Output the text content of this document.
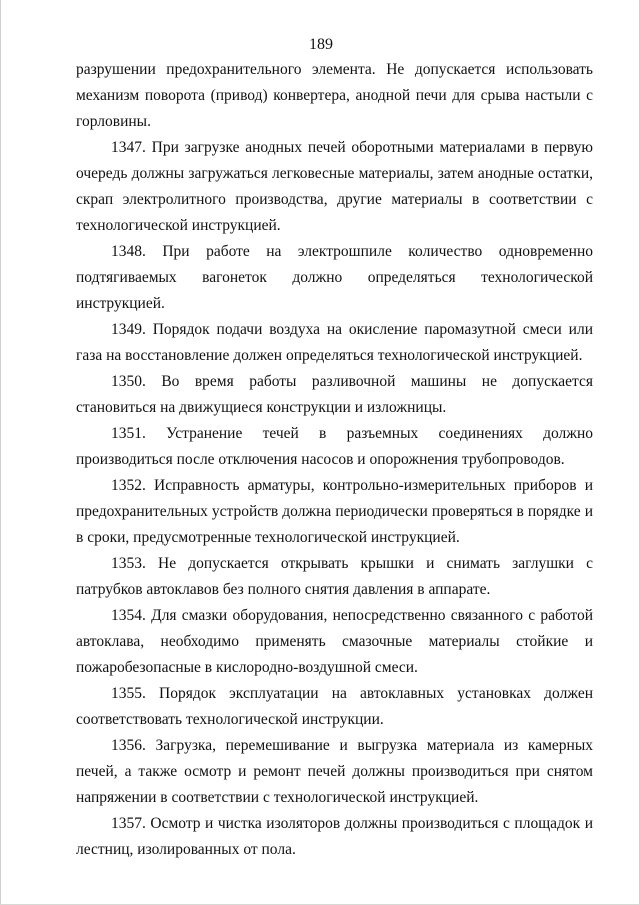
189

разрушении предохранительного элемента. Не допускается использовать механизм поворота (привод) конвертера, анодной печи для срыва настыли с горловины.

1347. При загрузке анодных печей оборотными материалами в первую очередь должны загружаться легковесные материалы, затем анодные остатки, скрап электролитного производства, другие материалы в соответствии с технологической инструкцией.

1348. При работе на электрошпиле количество одновременно подтягиваемых вагонеток должно определяться технологической инструкцией.

1349. Порядок подачи воздуха на окисление паромазутной смеси или газа на восстановление должен определяться технологической инструкцией.

1350. Во время работы разливочной машины не допускается становиться на движущиеся конструкции и изложницы.

1351. Устранение течей в разъемных соединениях должно производиться после отключения насосов и опорожнения трубопроводов.

1352. Исправность арматуры, контрольно-измерительных приборов и предохранительных устройств должна периодически проверяться в порядке и в сроки, предусмотренные технологической инструкцией.

1353. Не допускается открывать крышки и снимать заглушки с патрубков автоклавов без полного снятия давления в аппарате.

1354. Для смазки оборудования, непосредственно связанного с работой автоклава, необходимо применять смазочные материалы стойкие и пожаробезопасные в кислородно-воздушной смеси.

1355. Порядок эксплуатации на автоклавных установках должен соответствовать технологической инструкции.

1356. Загрузка, перемешивание и выгрузка материала из камерных печей, а также осмотр и ремонт печей должны производиться при снятом напряжении в соответствии с технологической инструкцией.

1357. Осмотр и чистка изоляторов должны производиться с площадок и лестниц, изолированных от пола.
